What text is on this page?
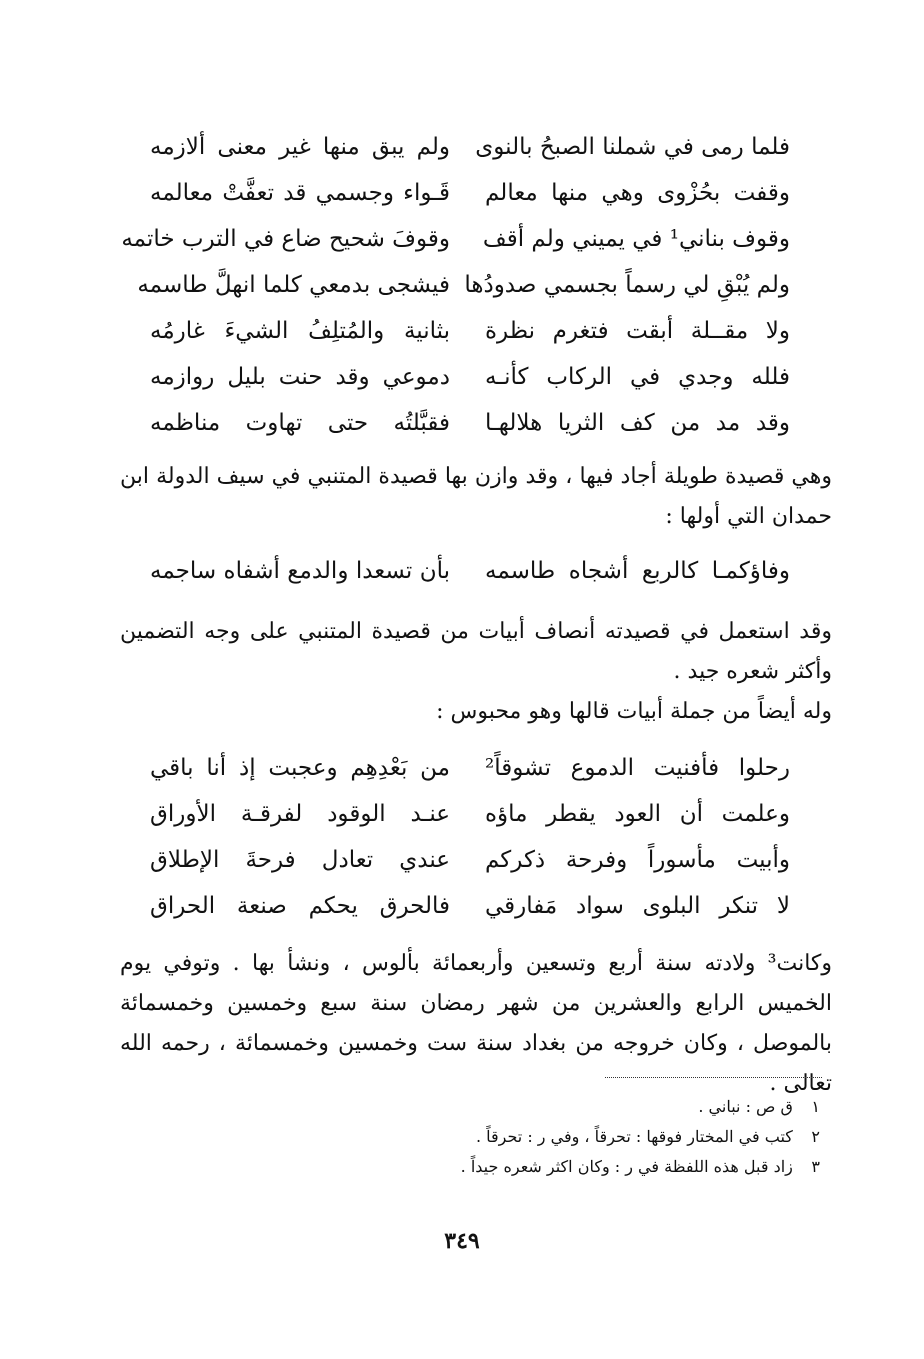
فلما رمى في شملنا الصبحُ بالنوى
ولم يبق منها غير معنى ألازمه
وقفت بحُزْوى وهي منها معالم
قَـواء وجسمي قد تعفَّتْ معالمه
وقوف بناني¹ في يميني ولم أقف
وقوفَ شحيح ضاع في الترب خاتمه
ولم يُبْقِ لي رسماً بجسمي صدودُها
فيشجى بدمعي كلما انهلَّ طاسمه
ولا مقــلة أبقت فتغرم نظرة
بثانية والمُتلِفُ الشيءَ غارمُه
فلله وجدي في الركاب كأنـه
دموعي وقد حنت بليل روازمه
وقد مد من كف الثريا هلالهـا
فقبَّلتُه حتى تهاوت مناظمه

وهي قصيدة طويلة أجاد فيها ، وقد وازن بها قصيدة المتنبي في سيف الدولة ابن حمدان التي أولها :

وفاؤكمـا كالربع أشجاه طاسمه
بأن تسعدا والدمع أشفاه ساجمه

وقد استعمل في قصيدته أنصاف أبيات من قصيدة المتنبي على وجه التضمين وأكثر شعره جيد .

وله أيضاً من جملة أبيات قالها وهو محبوس :

رحلوا فأفنيت الدموع تشوقاً²
من بَعْدِهِم وعجبت إذ أنا باقي
وعلمت أن العود يقطر ماؤه
عنـد الوقود لفرقـة الأوراق
وأبيت مأسوراً وفرحة ذكركم
عندي تعادل فرحةَ الإطلاق
لا تنكر البلوى سواد مَفارقي
فالحرق يحكم صنعة الحراق

وكانت³ ولادته سنة أربع وتسعين وأربعمائة بألوس ، ونشأ بها . وتوفي يوم الخميس الرابع والعشرين من شهر رمضان سنة سبع وخمسين وخمسمائة بالموصل ، وكان خروجه من بغداد سنة ست وخمسين وخمسمائة ، رحمه الله تعالى .

١ ق ص : نباني .
٢ كتب في المختار فوقها : تحرقاً ، وفي ر : تحرقاً .
٣ زاد قبل هذه اللفظة في ر : وكان اكثر شعره جيداً .
٣٤٩
